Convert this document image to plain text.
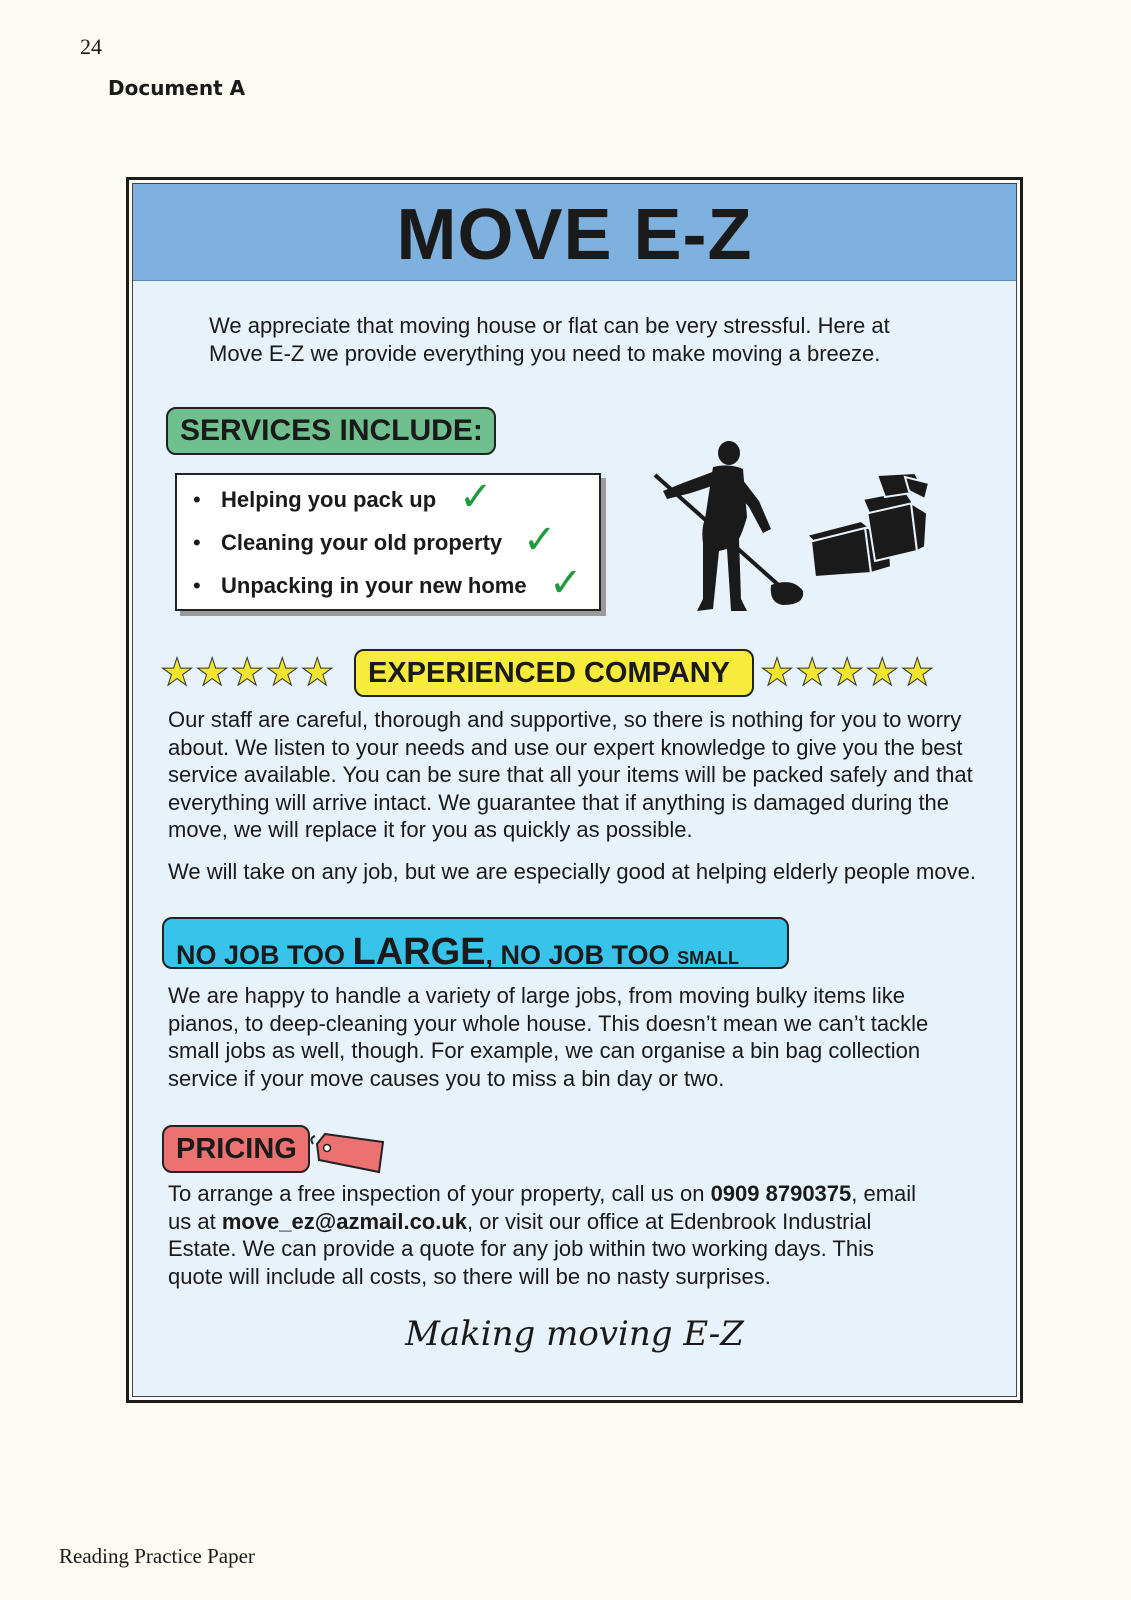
24
Document A
MOVE E-Z

We appreciate that moving house or flat can be very stressful. Here at Move E-Z we provide everything you need to make moving a breeze.

SERVICES INCLUDE:
• Helping you pack up
• Cleaning your old property
• Unpacking in your new home
✓
✓
✓
★★★★★	EXPERIENCED COMPANY ★★★★★

Our staff are careful, thorough and supportive, so there is nothing for you to worry about. We listen to your needs and use our expert knowledge to give you the best service available. You can be sure that all your items will be packed safely and that everything will arrive intact. We guarantee that if anything is damaged during the move, we will replace it for you as quickly as possible.

We will take on any job, but we are especially good at helping elderly people move.

NO JOB TOO LARGE, NO JOB TOO SMALL

We are happy to handle a variety of large jobs, from moving bulky items like pianos, to deep-cleaning your whole house. This doesn’t mean we can’t tackle small jobs as well, though. For example, we can organise a bin bag collection service if your move causes you to miss a bin day or two.

PRICING

To arrange a free inspection of your property, call us on 0909 8790375, email us at move_ez@azmail.co.uk, or visit our office at Edenbrook Industrial Estate. We can provide a quote for any job within two working days. This quote will include all costs, so there will be no nasty surprises.

Making moving E-Z
Reading Practice Paper
